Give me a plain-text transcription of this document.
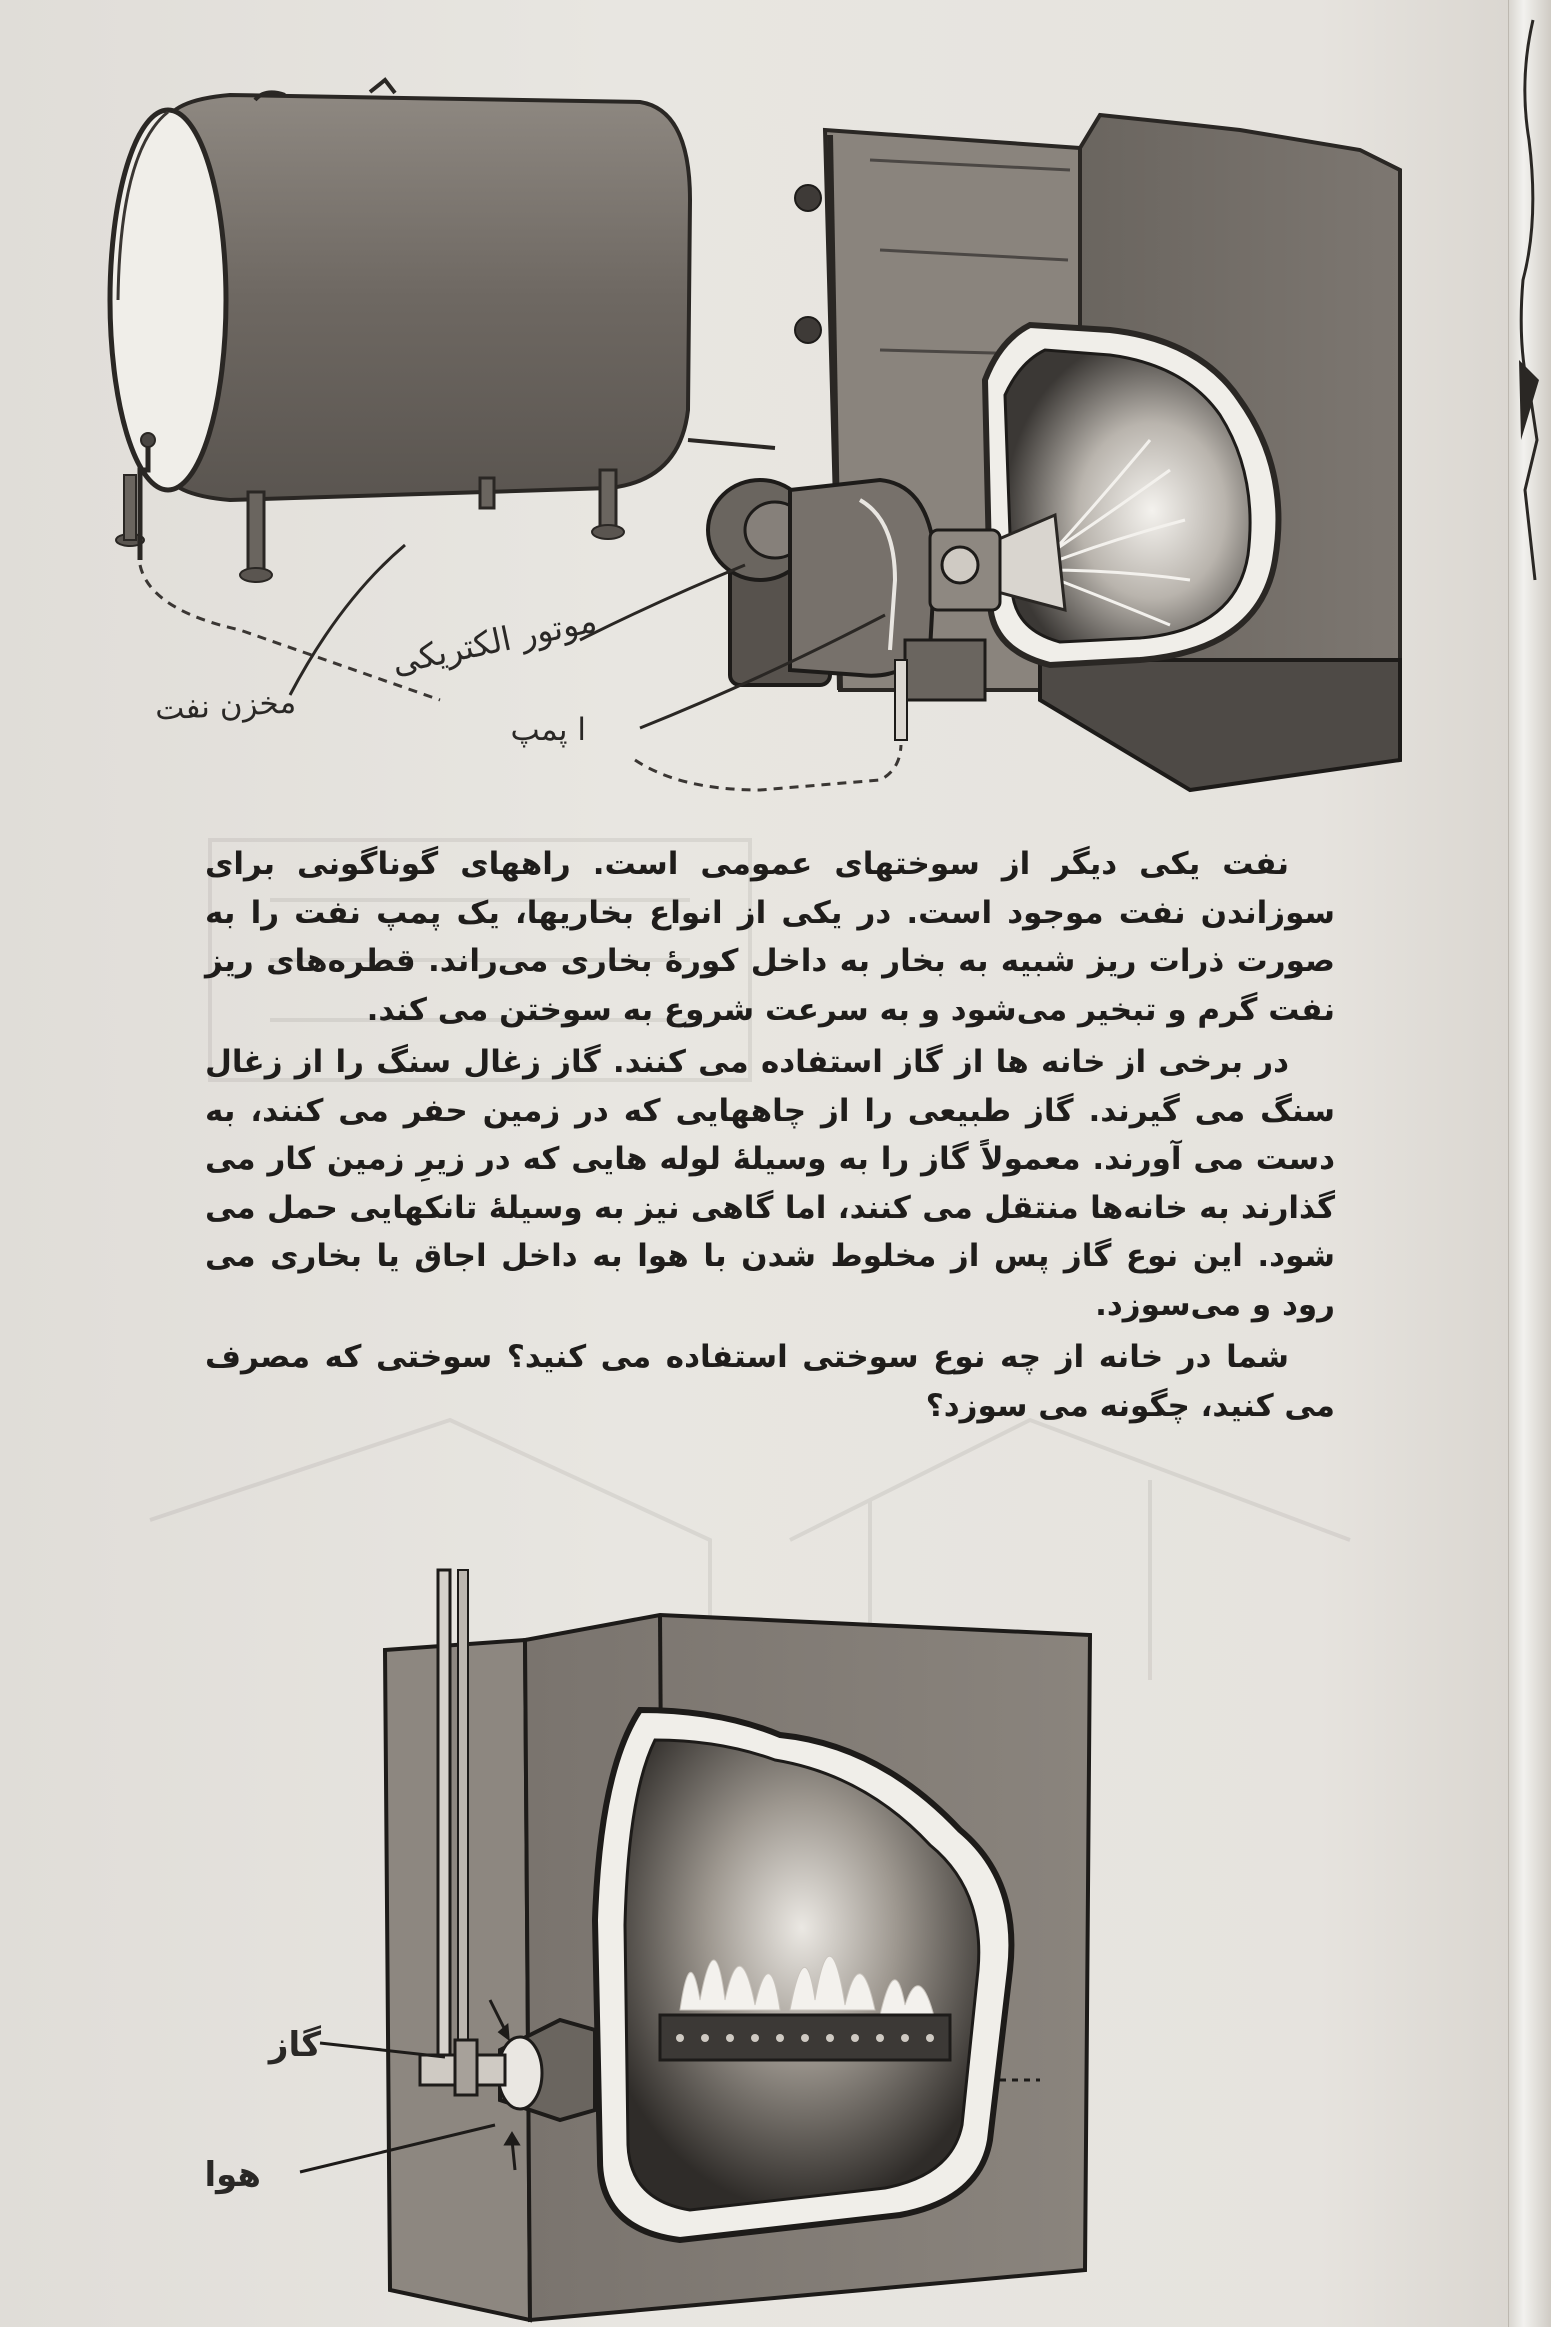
موتور الکتریکی
ا پمپ
مخزن نفت

نفت یکی دیگر از سوختهای عمومی است. راههای گوناگونی برای سوزاندن نفت موجود است. در یکی از انواع بخاریها، یک پمپ نفت را به صورت ذرات ریز شبیه به بخار به داخل کورهٔ بخاری می‌راند. قطره‌های ریز نفت گرم و تبخیر می‌شود و به سرعت شروع به سوختن می کند.

در برخی از خانه ها از گاز استفاده می کنند. گاز زغال سنگ را از زغال سنگ می گیرند. گاز طبیعی را از چاههایی که در زمین حفر می کنند، به دست می آورند. معمولاً گاز را به وسیلهٔ لوله هایی که در زیرِ زمین کار می گذارند به خانه‌ها منتقل می کنند، اما گاهی نیز به وسیلهٔ تانکهایی حمل می شود. این نوع گاز پس از مخلوط شدن با هوا به داخل اجاق یا بخاری می رود و می‌سوزد.

شما در خانه از چه نوع سوختی استفاده می کنید؟ سوختی که مصرف می کنید، چگونه می سوزد؟

گاز
هوا
